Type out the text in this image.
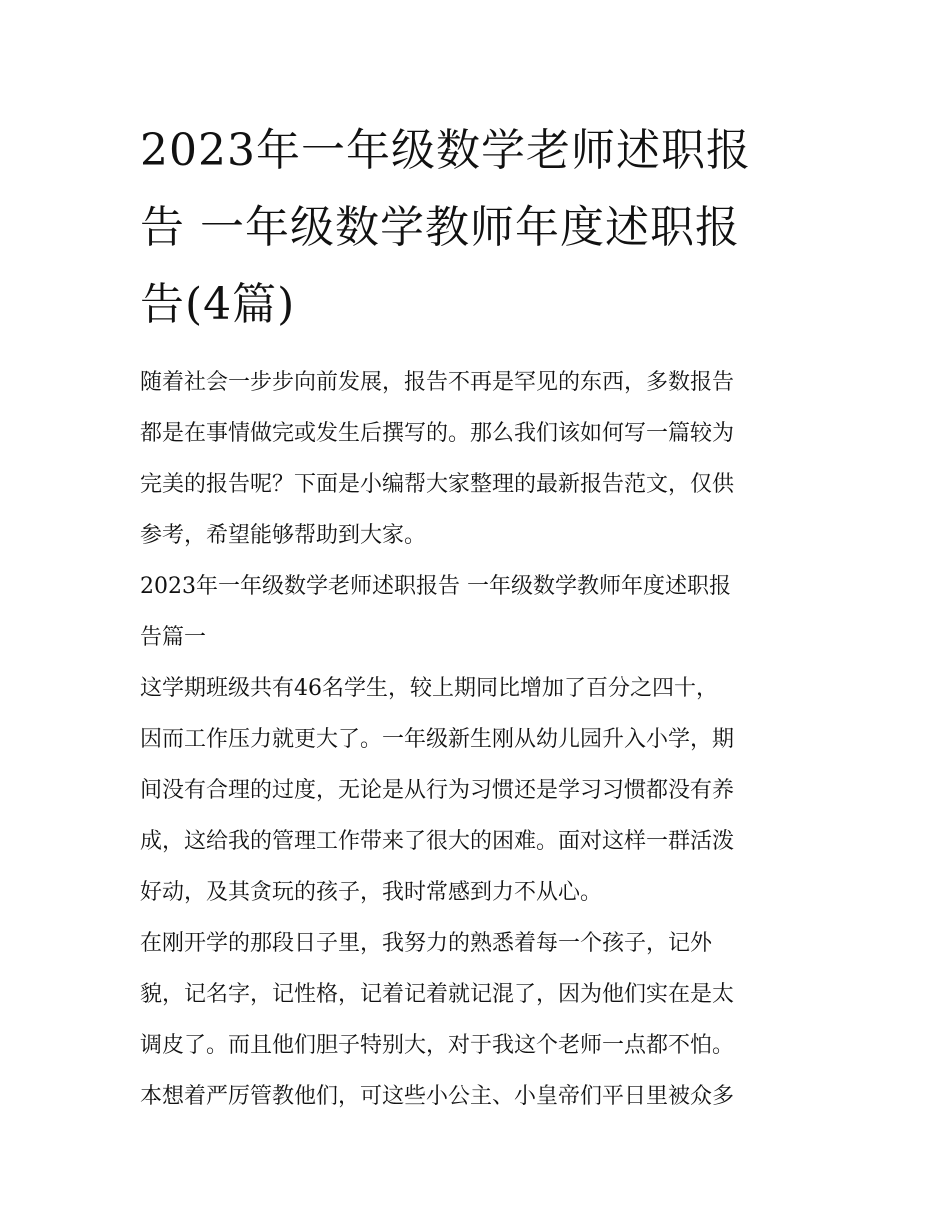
2023年一年级数学老师述职报
告 一年级数学教师年度述职报
告(4篇)

随着社会一步步向前发展，报告不再是罕见的东西，多数报告
都是在事情做完或发生后撰写的。那么我们该如何写一篇较为
完美的报告呢？下面是小编帮大家整理的最新报告范文，仅供
参考，希望能够帮助到大家。

2023年一年级数学老师述职报告 一年级数学教师年度述职报
告篇一

这学期班级共有46名学生，较上期同比增加了百分之四十，
因而工作压力就更大了。一年级新生刚从幼儿园升入小学，期
间没有合理的过度，无论是从行为习惯还是学习习惯都没有养
成，这给我的管理工作带来了很大的困难。面对这样一群活泼
好动，及其贪玩的孩子，我时常感到力不从心。

在刚开学的那段日子里，我努力的熟悉着每一个孩子，记外
貌，记名字，记性格，记着记着就记混了，因为他们实在是太
调皮了。而且他们胆子特别大，对于我这个老师一点都不怕。
本想着严厉管教他们，可这些小公主、小皇帝们平日里被众多
